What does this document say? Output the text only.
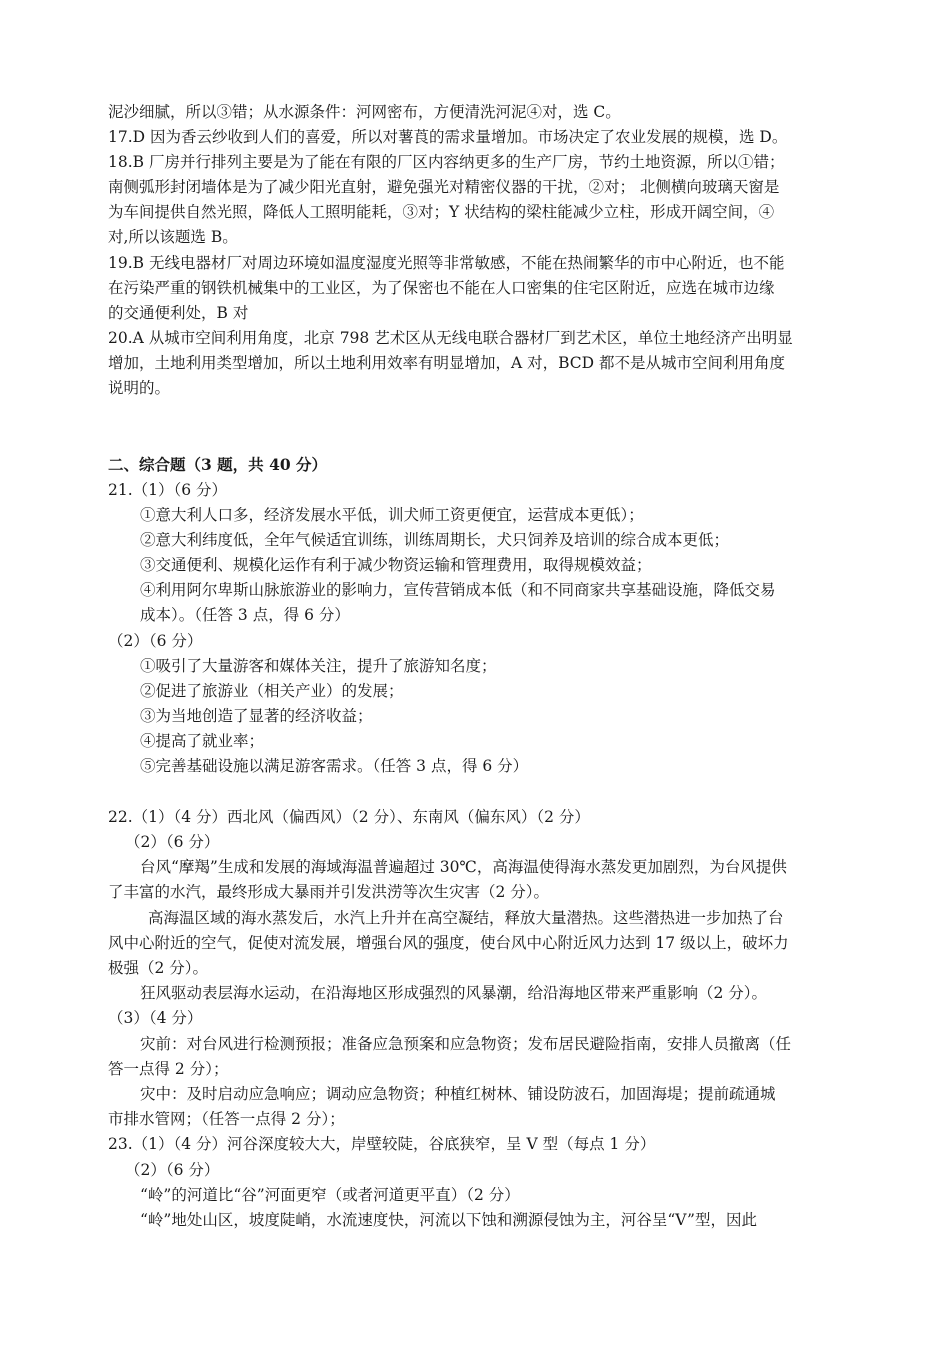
泥沙细腻，所以③错；从水源条件：河网密布，方便清洗河泥④对，选 C。
17.D 因为香云纱收到人们的喜爱，所以对薯莨的需求量增加。市场决定了农业发展的规模，选 D。
18.B 厂房并行排列主要是为了能在有限的厂区内容纳更多的生产厂房，节约土地资源，所以①错；
南侧弧形封闭墙体是为了减少阳光直射，避免强光对精密仪器的干扰，②对； 北侧横向玻璃天窗是
为车间提供自然光照，降低人工照明能耗，③对；Y 状结构的梁柱能减少立柱，形成开阔空间，④
对,所以该题选 B。
19.B 无线电器材厂对周边环境如温度湿度光照等非常敏感，不能在热闹繁华的市中心附近，也不能
在污染严重的钢铁机械集中的工业区，为了保密也不能在人口密集的住宅区附近，应选在城市边缘
的交通便利处，B 对
20.A 从城市空间利用角度，北京 798 艺术区从无线电联合器材厂到艺术区，单位土地经济产出明显
增加，土地利用类型增加，所以土地利用效率有明显增加，A 对，BCD 都不是从城市空间利用角度
说明的。
二、综合题（3 题，共 40 分）
21.（1）（6 分）
①意大利人口多，经济发展水平低，训犬师工资更便宜，运营成本更低）；
②意大利纬度低，全年气候适宜训练，训练周期长，犬只饲养及培训的综合成本更低；
③交通便利、规模化运作有利于减少物资运输和管理费用，取得规模效益；
④利用阿尔卑斯山脉旅游业的影响力，宣传营销成本低（和不同商家共享基础设施，降低交易
成本）。（任答 3 点，得 6 分）
（2）（6 分）
①吸引了大量游客和媒体关注，提升了旅游知名度；
②促进了旅游业（相关产业）的发展；
③为当地创造了显著的经济收益；
④提高了就业率；
⑤完善基础设施以满足游客需求。（任答 3 点，得 6 分）
22.（1）（4 分）西北风（偏西风）（2 分）、东南风（偏东风）（2 分）
（2）（6 分）
台风“摩羯”生成和发展的海域海温普遍超过 30℃，高海温使得海水蒸发更加剧烈，为台风提供
了丰富的水汽，最终形成大暴雨并引发洪涝等次生灾害（2 分）。
高海温区域的海水蒸发后，水汽上升并在高空凝结，释放大量潜热。这些潜热进一步加热了台
风中心附近的空气，促使对流发展，增强台风的强度，使台风中心附近风力达到 17 级以上，破坏力
极强（2 分）。
狂风驱动表层海水运动，在沿海地区形成强烈的风暴潮，给沿海地区带来严重影响（2 分）。
（3）（4 分）
灾前：对台风进行检测预报；准备应急预案和应急物资；发布居民避险指南，安排人员撤离（任
答一点得 2 分）；
灾中：及时启动应急响应；调动应急物资；种植红树林、铺设防波石，加固海堤；提前疏通城
市排水管网；（任答一点得 2 分）；
23.（1）（4 分）河谷深度较大大，岸壁较陡，谷底狭窄，呈 V 型（每点 1 分）
（2）（6 分）
“岭”的河道比“谷”河面更窄（或者河道更平直）（2 分）
“岭”地处山区，坡度陡峭，水流速度快，河流以下蚀和溯源侵蚀为主，河谷呈“V”型，因此
